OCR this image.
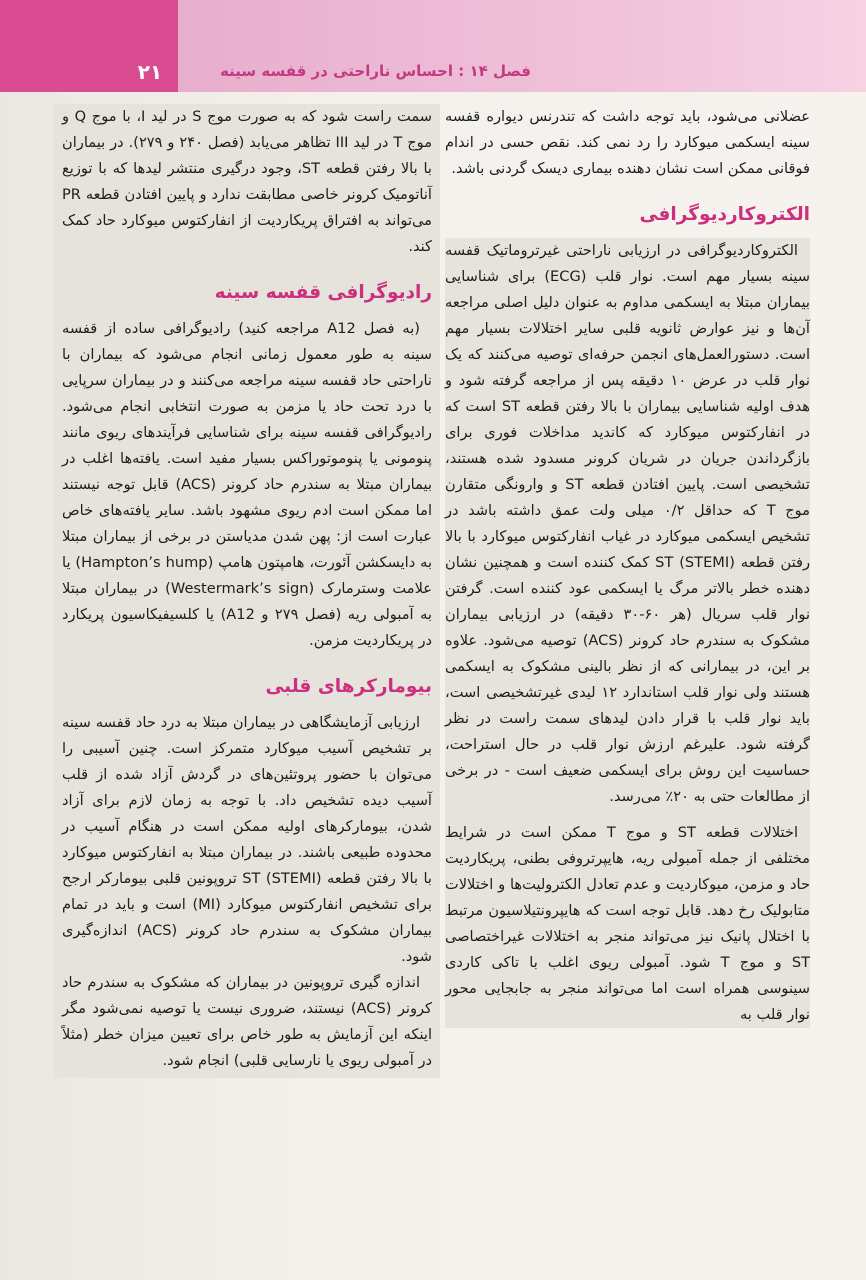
۲۱	فصل ۱۴ : احساس ناراحتی در قفسه سینه

عضلانی می‌شود، باید توجه داشت که تندرنس دیواره قفسه سینه ایسکمی میوکارد را رد نمی کند. نقص حسی در اندام فوقانی ممکن است نشان دهنده بیماری دیسک گردنی باشد.

الکتروکاردیوگرافی

الکتروکاردیوگرافی در ارزیابی ناراحتی غیرتروماتیک قفسه سینه بسیار مهم است. نوار قلب (ECG) برای شناسایی بیماران مبتلا به ایسکمی مداوم به عنوان دلیل اصلی مراجعه آن‌ها و نیز عوارض ثانویه قلبی سایر اختلالات بسیار مهم است. دستورالعمل‌های انجمن حرفه‌ای توصیه می‌کنند که یک نوار قلب در عرض ۱۰ دقیقه پس از مراجعه گرفته شود و هدف اولیه شناسایی بیماران با بالا رفتن قطعه ST است که در انفارکتوس میوکارد که کاندید مداخلات فوری برای بازگرداندن جریان در شریان کرونر مسدود شده هستند، تشخیصی است. پایین افتادن قطعه ST و وارونگی متقارن موج T که حداقل ۰/۲ میلی ولت عمق داشته باشد در تشخیص ایسکمی میوکارد در غیاب انفارکتوس میوکارد با بالا رفتن قطعه ST (STEMI) کمک کننده است و همچنین نشان دهنده خطر بالاتر مرگ یا ایسکمی عود کننده است. گرفتن نوار قلب سریال (هر ۶۰-۳۰ دقیقه) در ارزیابی بیماران مشکوک به سندرم حاد کرونر (ACS) توصیه می‌شود. علاوه بر این، در بیمارانی که از نظر بالینی مشکوک به ایسکمی هستند ولی نوار قلب استاندارد ۱۲ لیدی غیرتشخیصی است، باید نوار قلب با قرار دادن لیدهای سمت راست در نظر گرفته شود. علیرغم ارزش نوار قلب در حال استراحت، حساسیت این روش برای ایسکمی ضعیف است - در برخی از مطالعات حتی به ۲۰٪ می‌رسد.

اختلالات قطعه ST و موج T ممکن است در شرایط مختلفی از جمله آمبولی ریه، هایپرتروفی بطنی، پریکاردیت حاد و مزمن، میوکاردیت و عدم تعادل الکترولیت‌ها و اختلالات متابولیک رخ دهد. قابل توجه است که هایپرونتیلاسیون مرتبط با اختلال پانیک نیز می‌تواند منجر به اختلالات غیراختصاصی ST و موج T شود. آمبولی ریوی اغلب با تاکی کاردی سینوسی همراه است اما می‌تواند منجر به جابجایی محور نوار قلب به

سمت راست شود که به صورت موج S در لید I، با موج Q و موج T در لید III تظاهر می‌یابد (فصل ۲۴۰ و ۲۷۹). در بیماران با بالا رفتن قطعه ST، وجود درگیری منتشر لیدها که با توزیع آناتومیک کرونر خاصی مطابقت ندارد و پایین افتادن قطعه PR می‌تواند به افتراق پریکاردیت از انفارکتوس میوکارد حاد کمک کند.

رادیوگرافی قفسه سینه

(به فصل A12 مراجعه کنید) رادیوگرافی ساده از قفسه سینه به طور معمول زمانی انجام می‌شود که بیماران با ناراحتی حاد قفسه سینه مراجعه می‌کنند و در بیماران سرپایی با درد تحت حاد یا مزمن به صورت انتخابی انجام می‌شود. رادیوگرافی قفسه سینه برای شناسایی فرآیندهای ریوی مانند پنومونی یا پنوموتوراکس بسیار مفید است. یافته‌ها اغلب در بیماران مبتلا به سندرم حاد کرونر (ACS) قابل توجه نیستند اما ممکن است ادم ریوی مشهود باشد. سایر یافته‌های خاص عبارت است از: پهن شدن مدیاستن در برخی از بیماران مبتلا به دایسکشن آئورت، هامپتون هامپ (Hampton’s hump) یا علامت وسترمارک (Westermark’s sign) در بیماران مبتلا به آمبولی ریه (فصل ۲۷۹ و A12) یا کلسیفیکاسیون پریکارد در پریکاردیت مزمن.

بیومارکرهای قلبی

ارزیابی آزمایشگاهی در بیماران مبتلا به درد حاد قفسه سینه بر تشخیص آسیب میوکارد متمرکز است. چنین آسیبی را می‌توان با حضور پروتئین‌های در گردش آزاد شده از قلب آسیب دیده تشخیص داد. با توجه به زمان لازم برای آزاد شدن، بیومارکرهای اولیه ممکن است در هنگام آسیب در محدوده طبیعی باشند. در بیماران مبتلا به انفارکتوس میوکارد با بالا رفتن قطعه ST (STEMI) تروپونین قلبی بیومارکر ارجح برای تشخیص انفارکتوس میوکارد (MI) است و باید در تمام بیماران مشکوک به سندرم حاد کرونر (ACS) اندازه‌گیری شود.

اندازه گیری تروپونین در بیماران که مشکوک به سندرم حاد کرونر (ACS) نیستند، ضروری نیست یا توصیه نمی‌شود مگر اینکه این آزمایش به طور خاص برای تعیین میزان خطر (مثلاً در آمبولی ریوی یا نارسایی قلبی) انجام شود.
